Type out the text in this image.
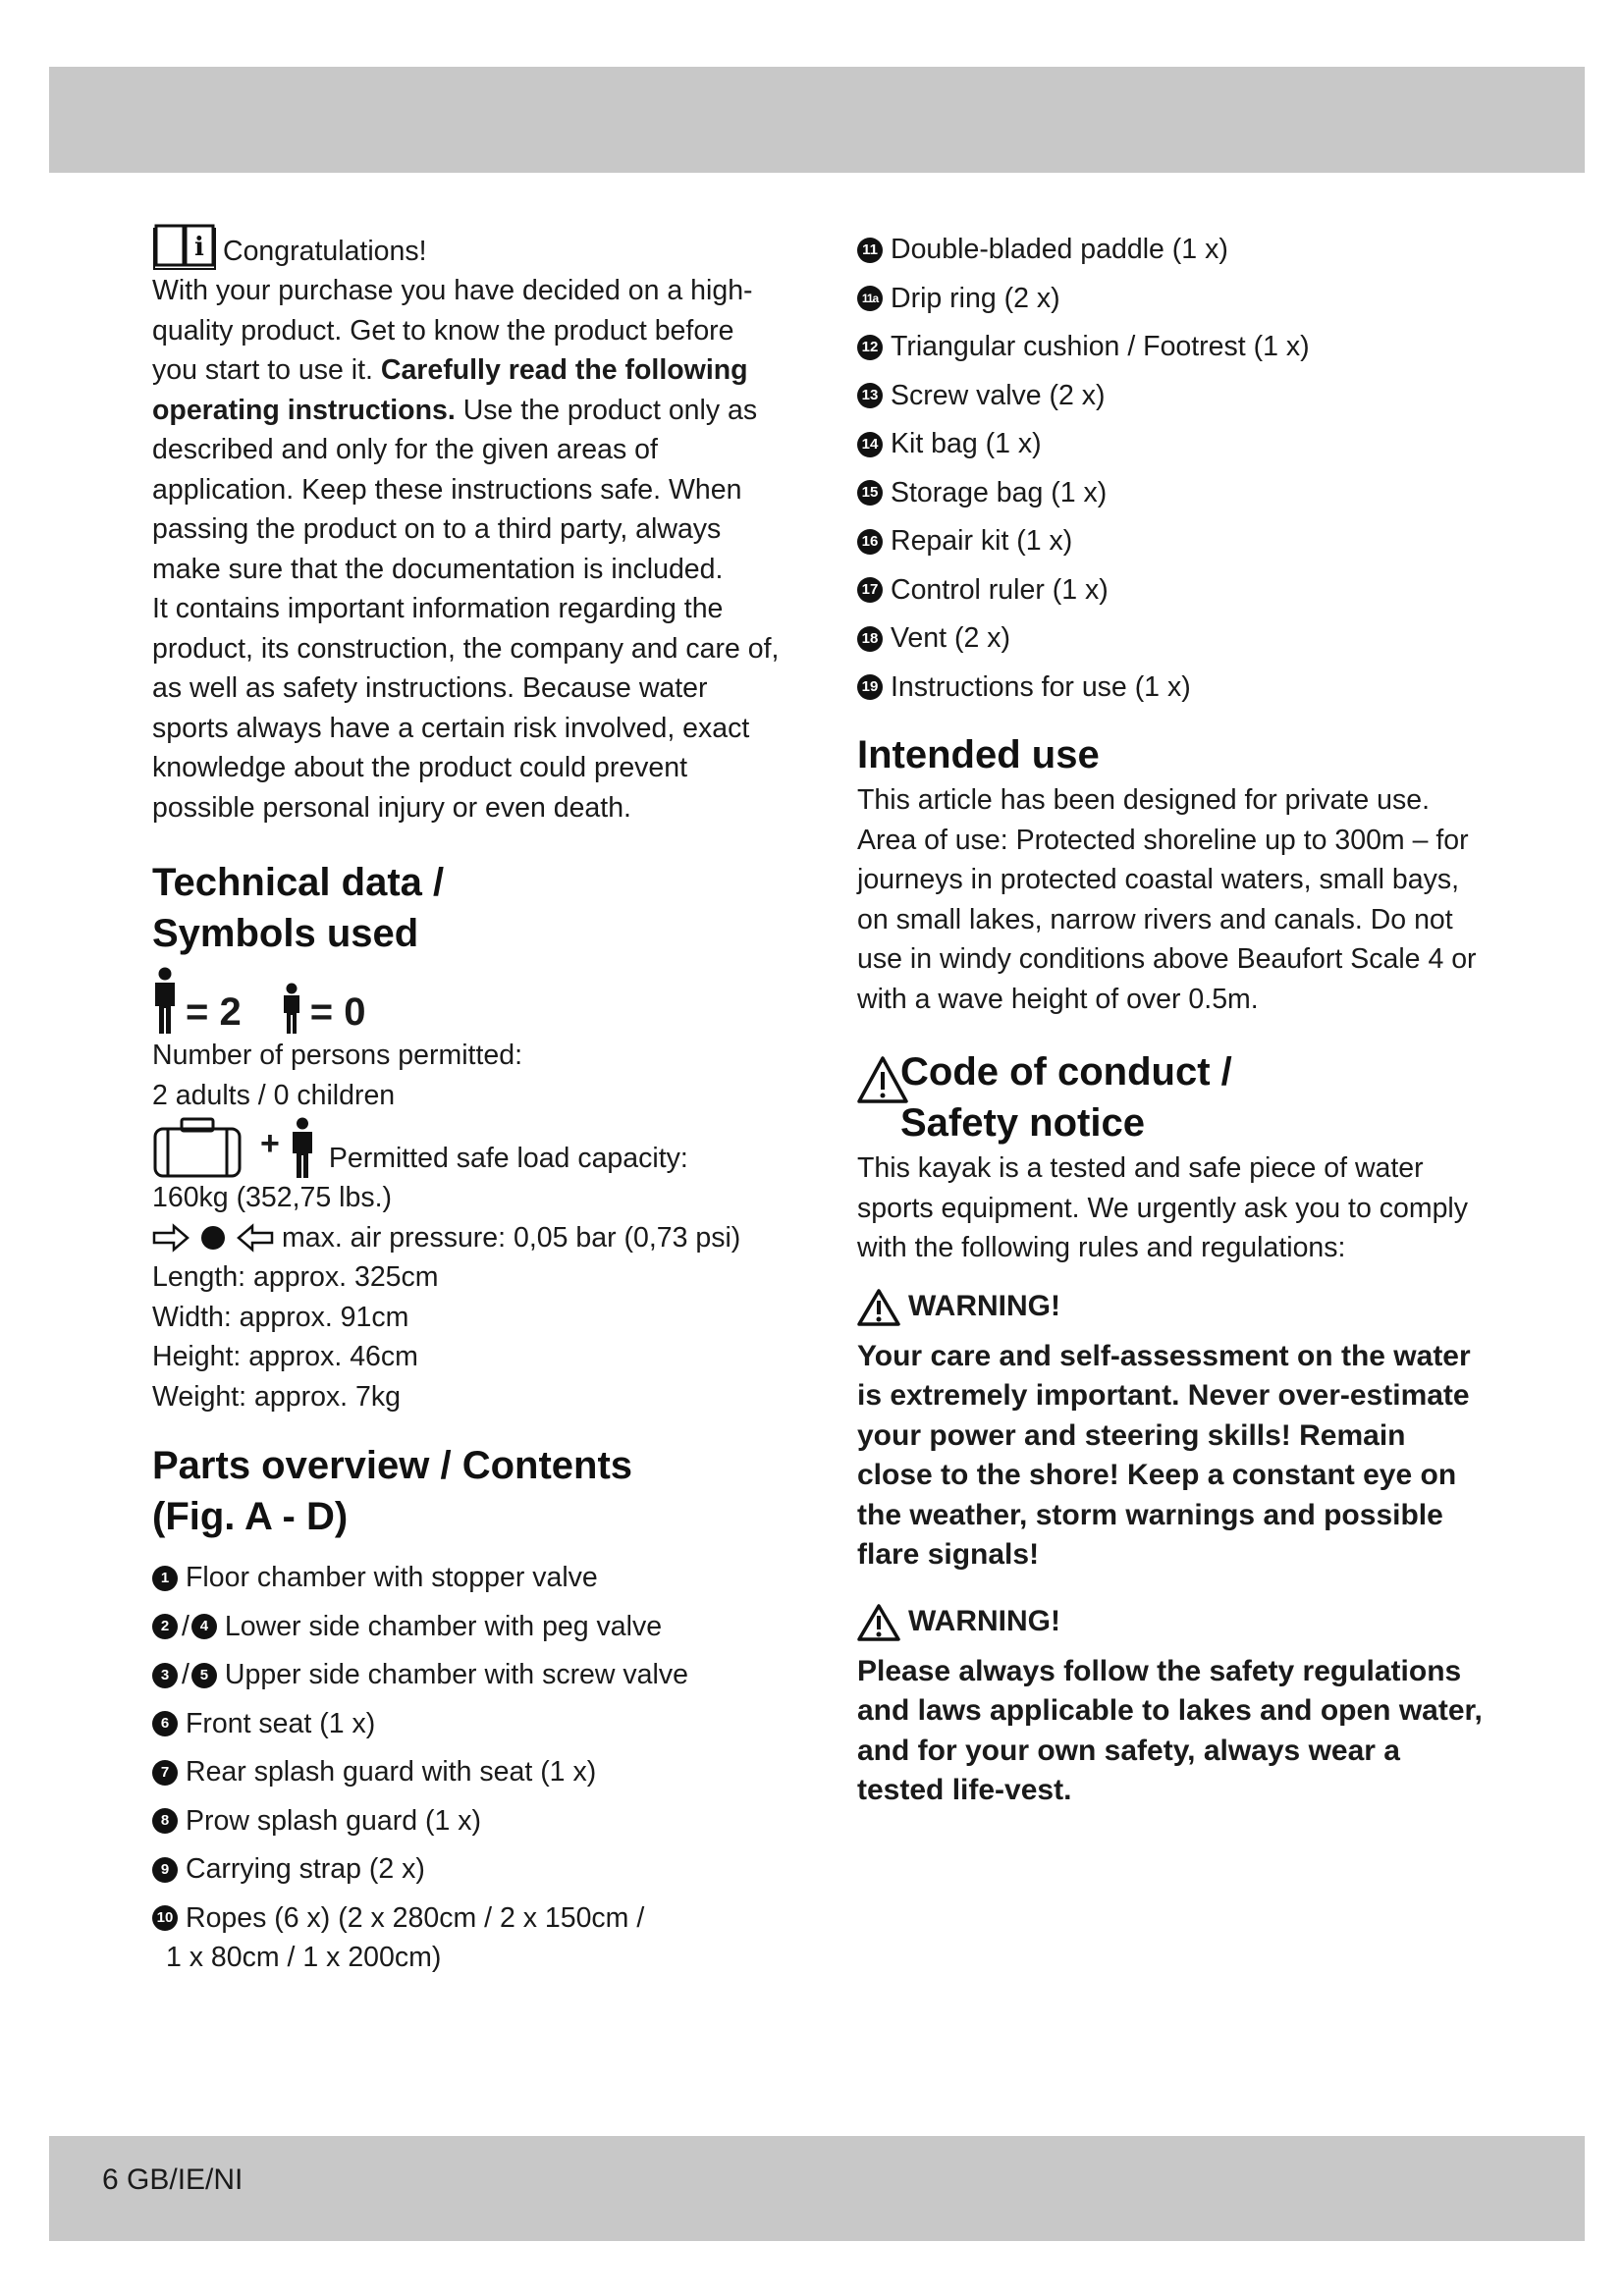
i Congratulations!

With your purchase you have decided on a high-quality product. Get to know the product before you start to use it. Carefully read the following operating instructions. Use the product only as described and only for the given areas of application. Keep these instructions safe. When passing the product on to a third party, always make sure that the documentation is included.

It contains important information regarding the product, its construction, the company and care of, as well as safety instructions. Because water sports always have a certain risk involved, exact knowledge about the product could prevent possible personal injury or even death.

Technical data /
Symbols used
= 2 = 0

Number of persons permitted:

2 adults / 0 children

+ Permitted safe load capacity:

160kg (352,75 lbs.)

max. air pressure: 0,05 bar (0,73 psi)

Length: approx. 325cm

Width: approx. 91cm

Height: approx. 46cm

Weight: approx. 7kg

Parts overview / Contents
(Fig. A - D)
1 Floor chamber with stopper valve
2 / 4 Lower side chamber with peg valve
3 / 5 Upper side chamber with screw valve
6 Front seat (1 x)
7 Rear splash guard with seat (1 x)
8 Prow splash guard (1 x)
9 Carrying strap (2 x)
10 Ropes (6 x) (2 x 280cm / 2 x 150cm /
1 x 80cm / 1 x 200cm)
11 Double-bladed paddle (1 x)
11a Drip ring (2 x)
12 Triangular cushion / Footrest (1 x)
13 Screw valve (2 x)
14 Kit bag (1 x)
15 Storage bag (1 x)
16 Repair kit (1 x)
17 Control ruler (1 x)
18 Vent (2 x)
19 Instructions for use (1 x)
Intended use

This article has been designed for private use. Area of use: Protected shoreline up to 300m – for journeys in protected coastal waters, small bays, on small lakes, narrow rivers and canals. Do not use in windy conditions above Beaufort Scale 4 or with a wave height of over 0.5m.

Code of conduct /
Safety notice

This kayak is a tested and safe piece of water sports equipment. We urgently ask you to comply with the following rules and regulations:

WARNING!

Your care and self-assessment on the water is extremely important. Never over-estimate your power and steering skills! Remain close to the shore! Keep a constant eye on the weather, storm warnings and possible flare signals!

WARNING!

Please always follow the safety regulations and laws applicable to lakes and open water, and for your own safety, always wear a tested life-vest.

6 GB/IE/NI
